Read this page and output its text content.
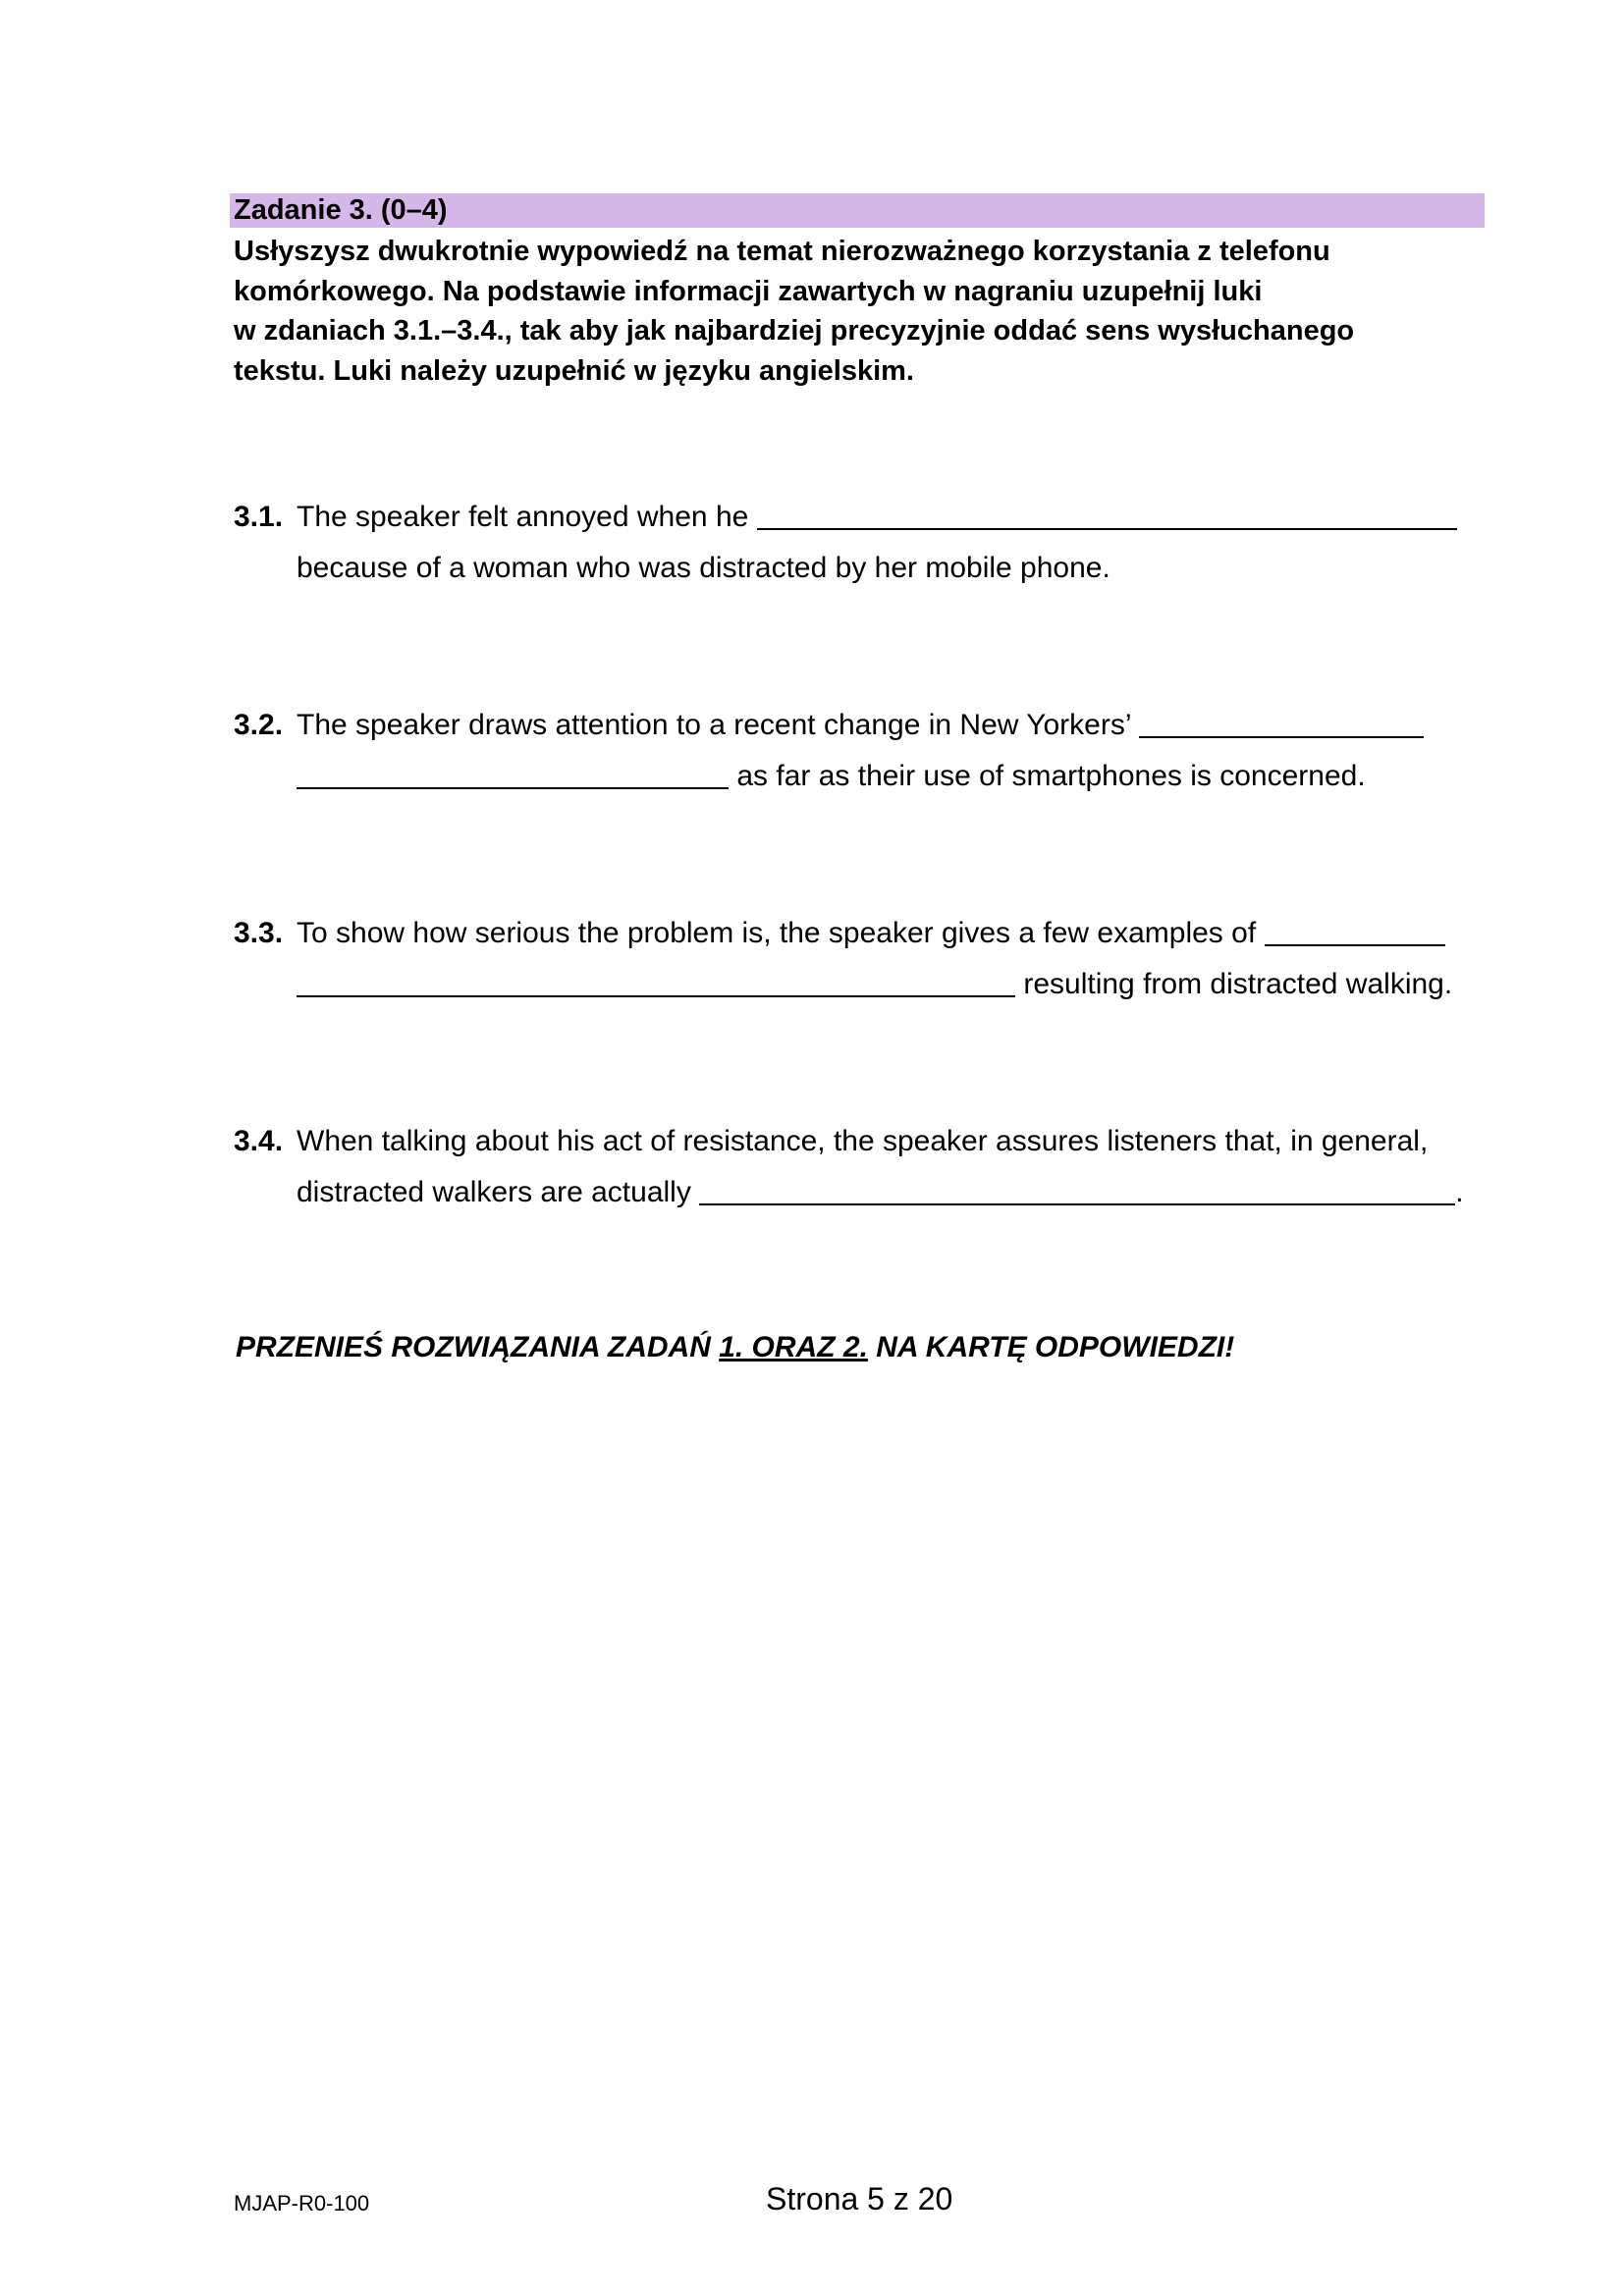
Zadanie 3. (0–4)
Usłyszysz dwukrotnie wypowiedź na temat nierozważnego korzystania z telefonu
komórkowego. Na podstawie informacji zawartych w nagraniu uzupełnij luki
w zdaniach 3.1.–3.4., tak aby jak najbardziej precyzyjnie oddać sens wysłuchanego
tekstu. Luki należy uzupełnić w języku angielskim.
3.1. The speaker felt annoyed when he
because of a woman who was distracted by her mobile phone.
3.2. The speaker draws attention to a recent change in New Yorkers’
as far as their use of smartphones is concerned.
3.3. To show how serious the problem is, the speaker gives a few examples of
resulting from distracted walking.
3.4. When talking about his act of resistance, the speaker assures listeners that, in general,
distracted walkers are actually	.
PRZENIEŚ ROZWIĄZANIA ZADAŃ 1. ORAZ 2. NA KARTĘ ODPOWIEDZI!
MJAP-R0-100	Strona 5 z 20
